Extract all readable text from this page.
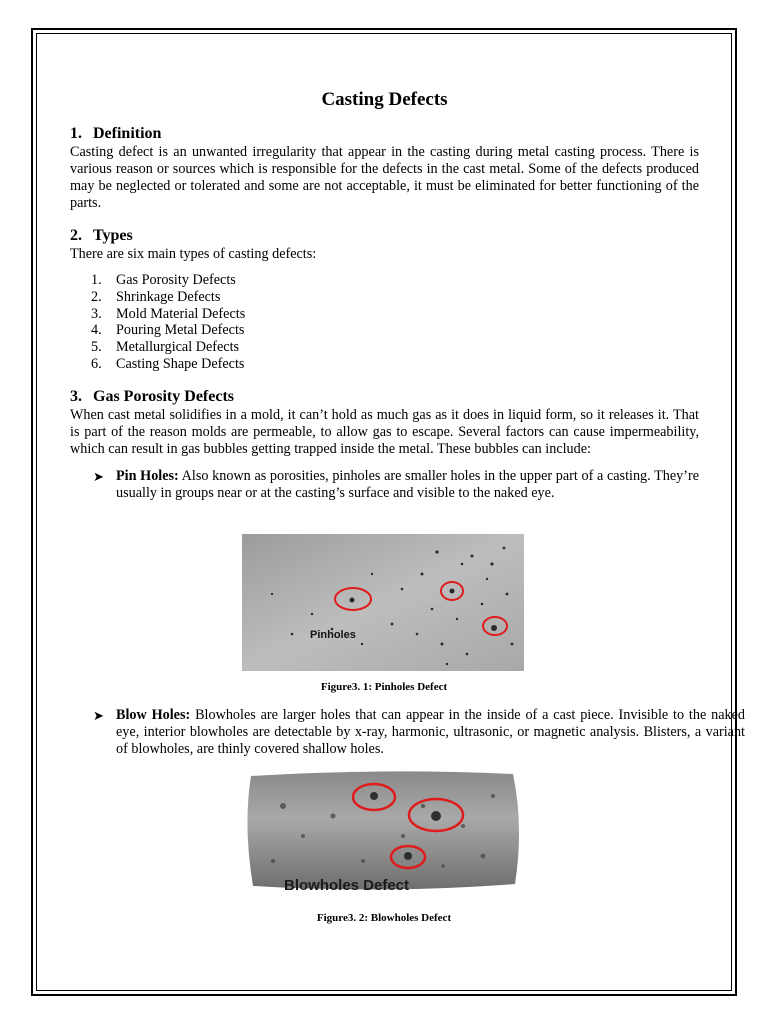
Casting Defects
1. Definition

Casting defect is an unwanted irregularity that appear in the casting during metal casting process. There is various reason or sources which is responsible for the defects in the cast metal. Some of the defects produced may be neglected or tolerated and some are not acceptable, it must be eliminated for better functioning of the parts.

2. Types

There are six main types of casting defects:

1. Gas Porosity Defects
2. Shrinkage Defects
3. Mold Material Defects
4. Pouring Metal Defects
5. Metallurgical Defects
6. Casting Shape Defects
3. Gas Porosity Defects

When cast metal solidifies in a mold, it can’t hold as much gas as it does in liquid form, so it releases it. That is part of the reason molds are permeable, to allow gas to escape. Several factors can cause impermeability, which can result in gas bubbles getting trapped inside the metal. These bubbles can include:

➤ Pin Holes: Also known as porosities, pinholes are smaller holes in the upper part of a casting. They’re usually in groups near or at the casting’s surface and visible to the naked eye.
Pinholes
Figure3. 1: Pinholes Defect
➤ Blow Holes: Blowholes are larger holes that can appear in the inside of a cast piece. Invisible to the naked eye, interior blowholes are detectable by x-ray, harmonic, ultrasonic, or magnetic analysis. Blisters, a variant of blowholes, are thinly covered shallow holes.
Blowholes Defect
Figure3. 2: Blowholes Defect
